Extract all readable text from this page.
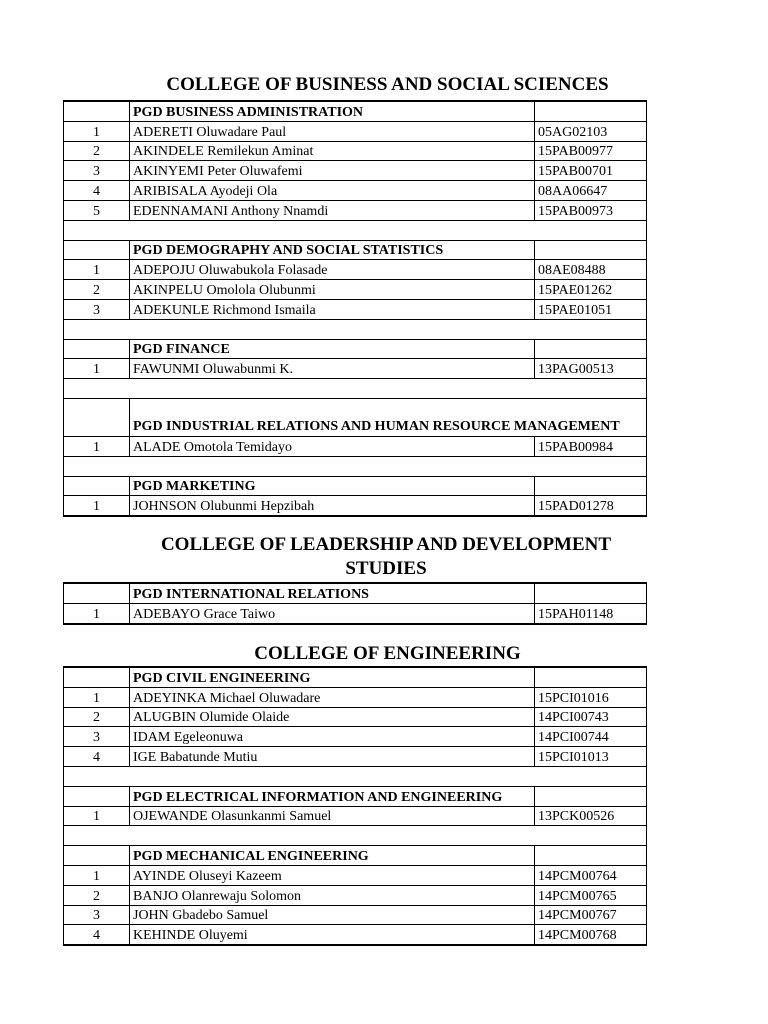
COLLEGE OF BUSINESS AND SOCIAL SCIENCES
	PGD BUSINESS ADMINISTRATION	
1	ADERETI Oluwadare Paul	05AG02103
2	AKINDELE Remilekun Aminat	15PAB00977
3	AKINYEMI Peter Oluwafemi	15PAB00701
4	ARIBISALA Ayodeji Ola	08AA06647
5	EDENNAMANI Anthony Nnamdi	15PAB00973

	PGD DEMOGRAPHY AND SOCIAL STATISTICS	
1	ADEPOJU Oluwabukola Folasade	08AE08488
2	AKINPELU Omolola Olubunmi	15PAE01262
3	ADEKUNLE Richmond Ismaila	15PAE01051

	PGD FINANCE	
1	FAWUNMI Oluwabunmi K.	13PAG00513

	PGD INDUSTRIAL RELATIONS AND HUMAN RESOURCE MANAGEMENT	
1	ALADE Omotola Temidayo	15PAB00984

	PGD MARKETING	
1	JOHNSON Olubunmi Hepzibah	15PAD01278
COLLEGE OF LEADERSHIP AND DEVELOPMENT STUDIES
	PGD INTERNATIONAL RELATIONS	
1	ADEBAYO Grace Taiwo	15PAH01148
COLLEGE OF ENGINEERING
	PGD CIVIL ENGINEERING	
1	ADEYINKA Michael Oluwadare	15PCI01016
2	ALUGBIN Olumide Olaide	14PCI00743
3	IDAM Egeleonuwa	14PCI00744
4	IGE Babatunde Mutiu	15PCI01013

	PGD ELECTRICAL INFORMATION AND ENGINEERING	
1	OJEWANDE Olasunkanmi Samuel	13PCK00526

	PGD MECHANICAL ENGINEERING	
1	AYINDE Oluseyi Kazeem	14PCM00764
2	BANJO Olanrewaju Solomon	14PCM00765
3	JOHN Gbadebo Samuel	14PCM00767
4	KEHINDE Oluyemi	14PCM00768
